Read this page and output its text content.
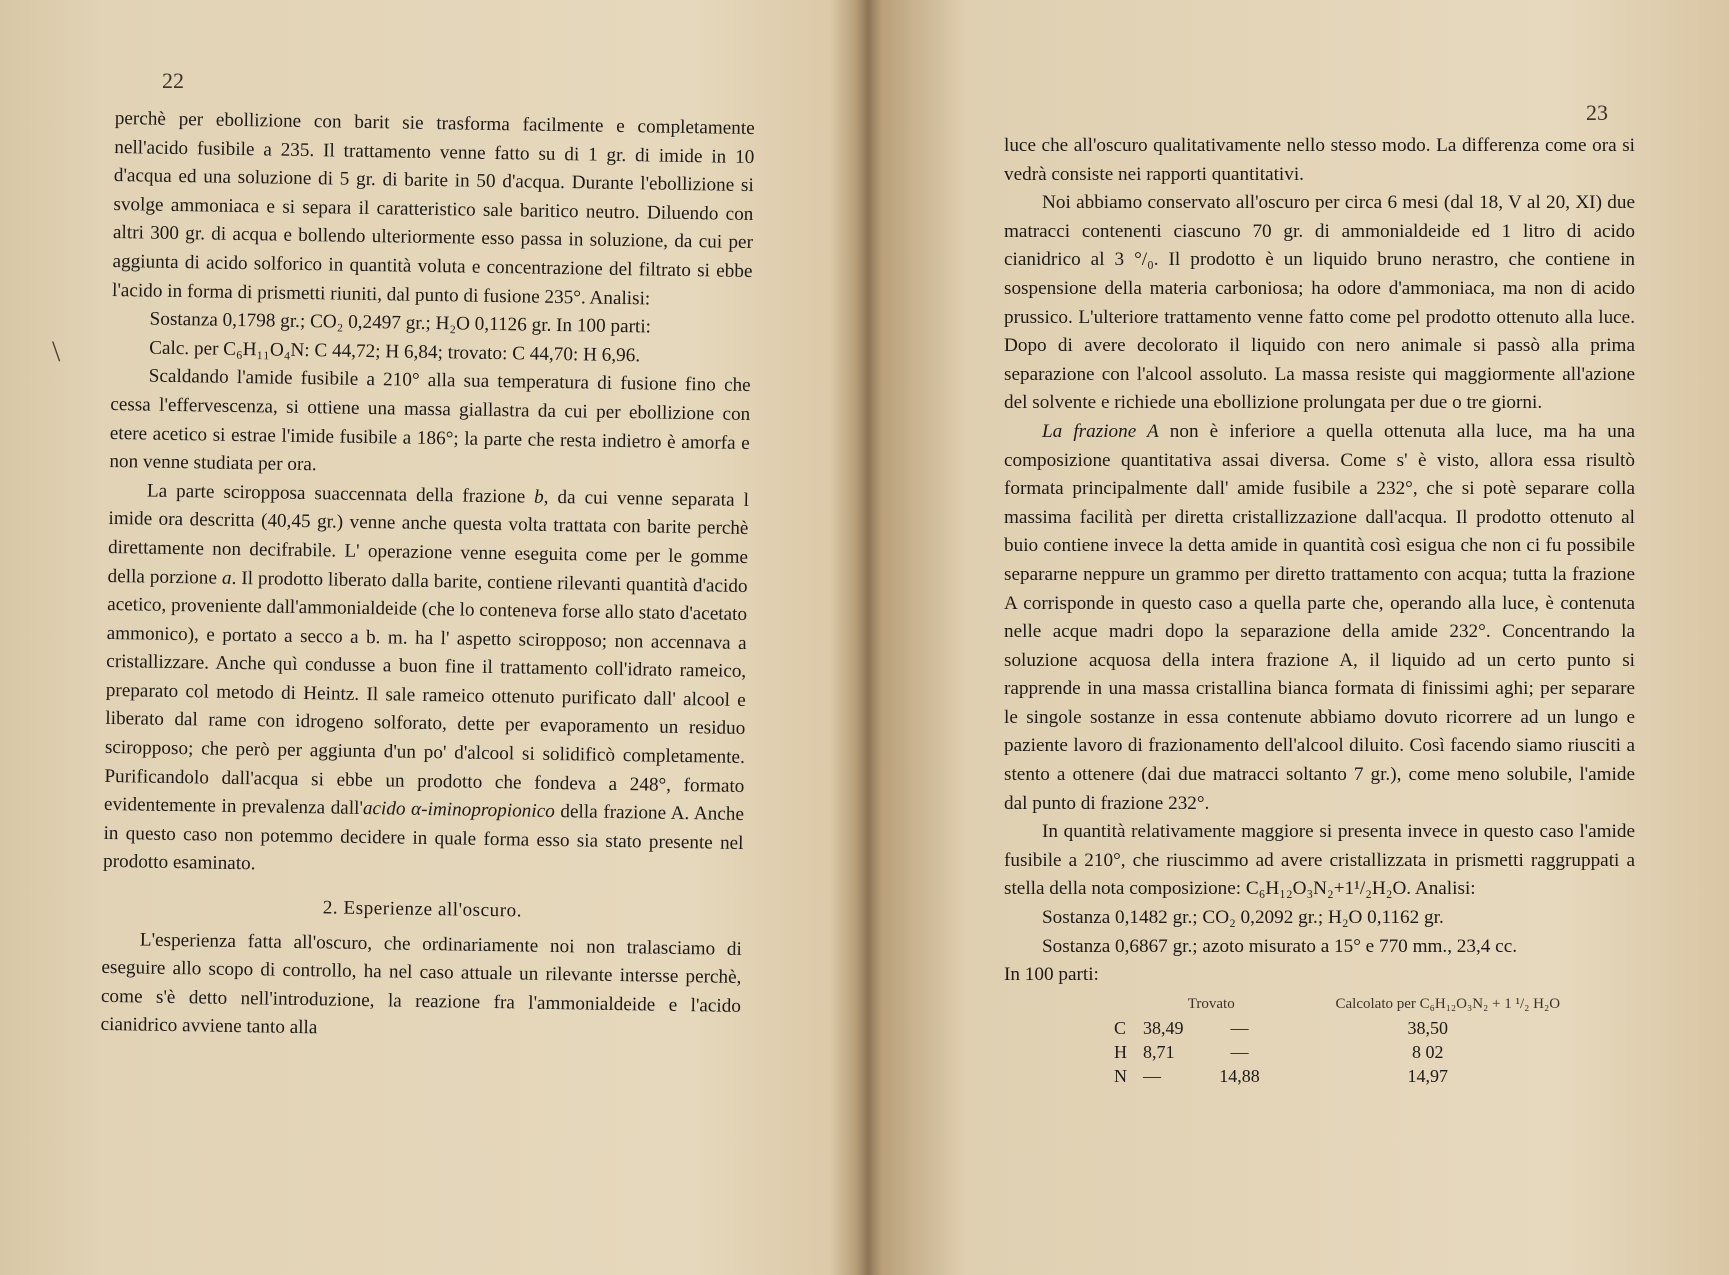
22
\

perchè per ebollizione con barit sie trasforma facilmente e completamente nell'acido fusibile a 235. Il trattamento venne fatto su di 1 gr. di imide in 10 d'acqua ed una soluzione di 5 gr. di barite in 50 d'acqua. Durante l'ebollizione si svolge ammoniaca e si separa il caratteristico sale baritico neutro. Diluendo con altri 300 gr. di acqua e bollendo ulteriormente esso passa in soluzione, da cui per aggiunta di acido solforico in quantità voluta e concentrazione del filtrato si ebbe l'acido in forma di prismetti riuniti, dal punto di fusione 235°. Analisi:

Sostanza 0,1798 gr.; CO₂ 0,2497 gr.; H₂O 0,1126 gr. In 100 parti:

Calc. per C₆H₁₁O₄N: C 44,72; H 6,84; trovato: C 44,70: H 6,96.

Scaldando l'amide fusibile a 210° alla sua temperatura di fusione fino che cessa l'effervescenza, si ottiene una massa giallastra da cui per ebollizione con etere acetico si estrae l'imide fusibile a 186°; la parte che resta indietro è amorfa e non venne studiata per ora.

La parte sciropposa suaccennata della frazione b, da cui venne separata l imide ora descritta (40,45 gr.) venne anche questa volta trattata con barite perchè direttamente non decifrabile. L' operazione venne eseguita come per le gomme della porzione a. Il prodotto liberato dalla barite, contiene rilevanti quantità d'acido acetico, proveniente dall'ammonialdeide (che lo conteneva forse allo stato d'acetato ammonico), e portato a secco a b. m. ha l' aspetto sciropposo; non accennava a cristallizzare. Anche quì condusse a buon fine il trattamento coll'idrato rameico, preparato col metodo di Heintz. Il sale rameico ottenuto purificato dall' alcool e liberato dal rame con idrogeno solforato, dette per evaporamento un residuo sciropposo; che però per aggiunta d'un po' d'alcool si solidificò completamente. Purificandolo dall'acqua si ebbe un prodotto che fondeva a 248°, formato evidentemente in prevalenza dall'acido α-iminopropionico della frazione A. Anche in questo caso non potemmo decidere in quale forma esso sia stato presente nel prodotto esaminato.

2. Esperienze all'oscuro.

L'esperienza fatta all'oscuro, che ordinariamente noi non tralasciamo di eseguire allo scopo di controllo, ha nel caso attuale un rilevante intersse perchè, come s'è detto nell'introduzione, la reazione fra l'ammonialdeide e l'acido cianidrico avviene tanto alla

23

luce che all'oscuro qualitativamente nello stesso modo. La differenza come ora si vedrà consiste nei rapporti quantitativi.

Noi abbiamo conservato all'oscuro per circa 6 mesi (dal 18, V al 20, XI) due matracci contenenti ciascuno 70 gr. di ammonialdeide ed 1 litro di acido cianidrico al 3 °/₀. Il prodotto è un liquido bruno nerastro, che contiene in sospensione della materia carboniosa; ha odore d'ammoniaca, ma non di acido prussico. L'ulteriore trattamento venne fatto come pel prodotto ottenuto alla luce. Dopo di avere decolorato il liquido con nero animale si passò alla prima separazione con l'alcool assoluto. La massa resiste qui maggiormente all'azione del solvente e richiede una ebollizione prolungata per due o tre giorni.

La frazione A non è inferiore a quella ottenuta alla luce, ma ha una composizione quantitativa assai diversa. Come s' è visto, allora essa risultò formata principalmente dall' amide fusibile a 232°, che si potè separare colla massima facilità per diretta cristallizzazione dall'acqua. Il prodotto ottenuto al buio contiene invece la detta amide in quantità così esigua che non ci fu possibile separarne neppure un grammo per diretto trattamento con acqua; tutta la frazione A corrisponde in questo caso a quella parte che, operando alla luce, è contenuta nelle acque madri dopo la separazione della amide 232°. Concentrando la soluzione acquosa della intera frazione A, il liquido ad un certo punto si rapprende in una massa cristallina bianca formata di finissimi aghi; per separare le singole sostanze in essa contenute abbiamo dovuto ricorrere ad un lungo e paziente lavoro di frazionamento dell'alcool diluito. Così facendo siamo riusciti a stento a ottenere (dai due matracci soltanto 7 gr.), come meno solubile, l'amide dal punto di frazione 232°.

In quantità relativamente maggiore si presenta invece in questo caso l'amide fusibile a 210°, che riuscimmo ad avere cristallizzata in prismetti raggruppati a stella della nota composizione: C₆H₁₂O₃N₂+1¹/₂H₂O. Analisi:

Sostanza 0,1482 gr.; CO₂ 0,2092 gr.; H₂O 0,1162 gr.

Sostanza 0,6867 gr.; azoto misurato a 15° e 770 mm., 23,4 cc.

In 100 parti:

	Trovato		Calcolato per C₆H₁₂O₃N₂ + 1 ¹/₂ H₂O
C	38,49	—	38,50
H	8,71	—	8 02
N	—	14,88	14,97
